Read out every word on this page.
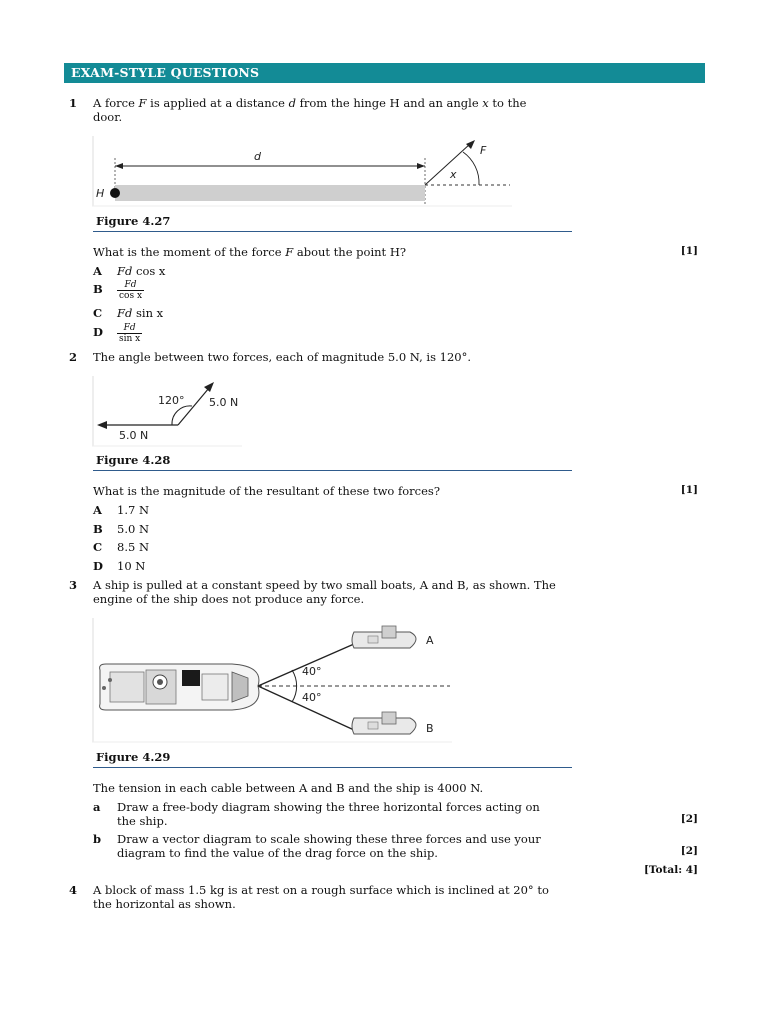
EXAM-STYLE QUESTIONS
1 A force F is applied at a distance d from the hinge H and an angle x to the
door.
d	F
x
H
Figure 4.27
What is the moment of the force F about the point H?	[1]
A Fd cos x
B $\frac{Fd}{\text{cos x}}$
C Fd sin x
D $\frac{Fd}{\text{sin x}}$
2 The angle between two forces, each of magnitude 5.0 N, is 120°.
120° 5.0 N
5.0 N
Figure 4.28
What is the magnitude of the resultant of these two forces?	[1]
A 1.7 N
B 5.0 N
C 8.5 N
D 10 N
3 A ship is pulled at a constant speed by two small boats, A and B, as shown. The
engine of the ship does not produce any force.
A
B
40°
40°
Figure 4.29
The tension in each cable between A and B and the ship is 4000 N.
a Draw a free-body diagram showing the three horizontal forces acting on
the ship.	[2]
b Draw a vector diagram to scale showing these three forces and use your
diagram to find the value of the drag force on the ship.	[2]
[Total: 4]
4 A block of mass 1.5 kg is at rest on a rough surface which is inclined at 20° to
the horizontal as shown.
